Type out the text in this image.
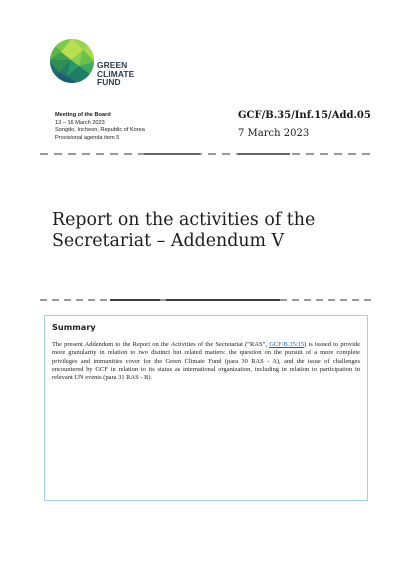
GREEN
CLIMATE
FUND
Meeting of the Board
13 – 16 March 2023
Songdo, Incheon, Republic of Korea
Provisional agenda item 5
GCF/B.35/Inf.15/Add.05
7 March 2023
Report on the activities of the
Secretariat – Addendum V
Summary
The present Addendum to the Report on the Activities of the Secretariat (“RAS”, GCF/B.35/15) is issued to provide more granularity in relation to two distinct but related matters: the question on the pursuit of a more complete privileges and immunities cover for the Green Climate Fund (para 30 RAS - A), and the issue of challenges encountered by GCF in relation to its status as international organization, including in relation to participation in relevant UN events (para 31 RAS - B).
